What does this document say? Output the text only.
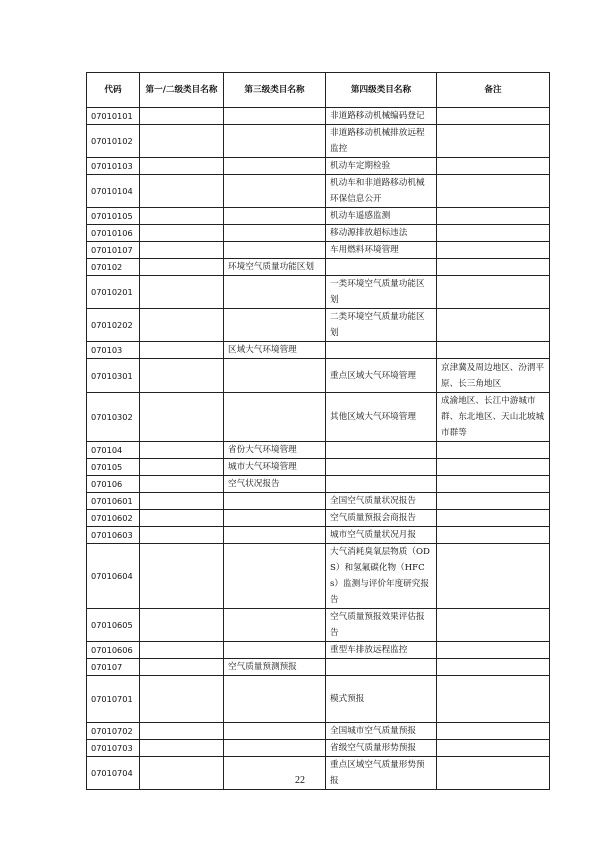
代码	第一/二级类目名称	第三级类目名称	第四级类目名称	备注
07010101			非道路移动机械编码登记	
07010102			非道路移动机械排放远程监控	
07010103			机动车定期检验	
07010104			机动车和非道路移动机械环保信息公开	
07010105			机动车遥感监测	
07010106			移动源排放超标违法	
07010107			车用燃料环境管理	
070102		环境空气质量功能区划		
07010201			一类环境空气质量功能区划	
07010202			二类环境空气质量功能区划	
070103		区域大气环境管理		
07010301			重点区域大气环境管理	京津冀及周边地区、汾渭平原、长三角地区
07010302			其他区域大气环境管理	成渝地区、长江中游城市群、东北地区、天山北坡城市群等
070104		省份大气环境管理		
070105		城市大气环境管理		
070106		空气状况报告		
07010601			全国空气质量状况报告	
07010602			空气质量预报会商报告	
07010603			城市空气质量状况月报	
07010604			大气消耗臭氧层物质（ODS）和氢氟碳化物（HFCs）监测与评价年度研究报告	
07010605			空气质量预报效果评估报告	
07010606			重型车排放远程监控	
070107		空气质量预测预报		
07010701			模式预报	
07010702			全国城市空气质量预报	
07010703			省级空气质量形势预报	
07010704			重点区域空气质量形势预报	
22
